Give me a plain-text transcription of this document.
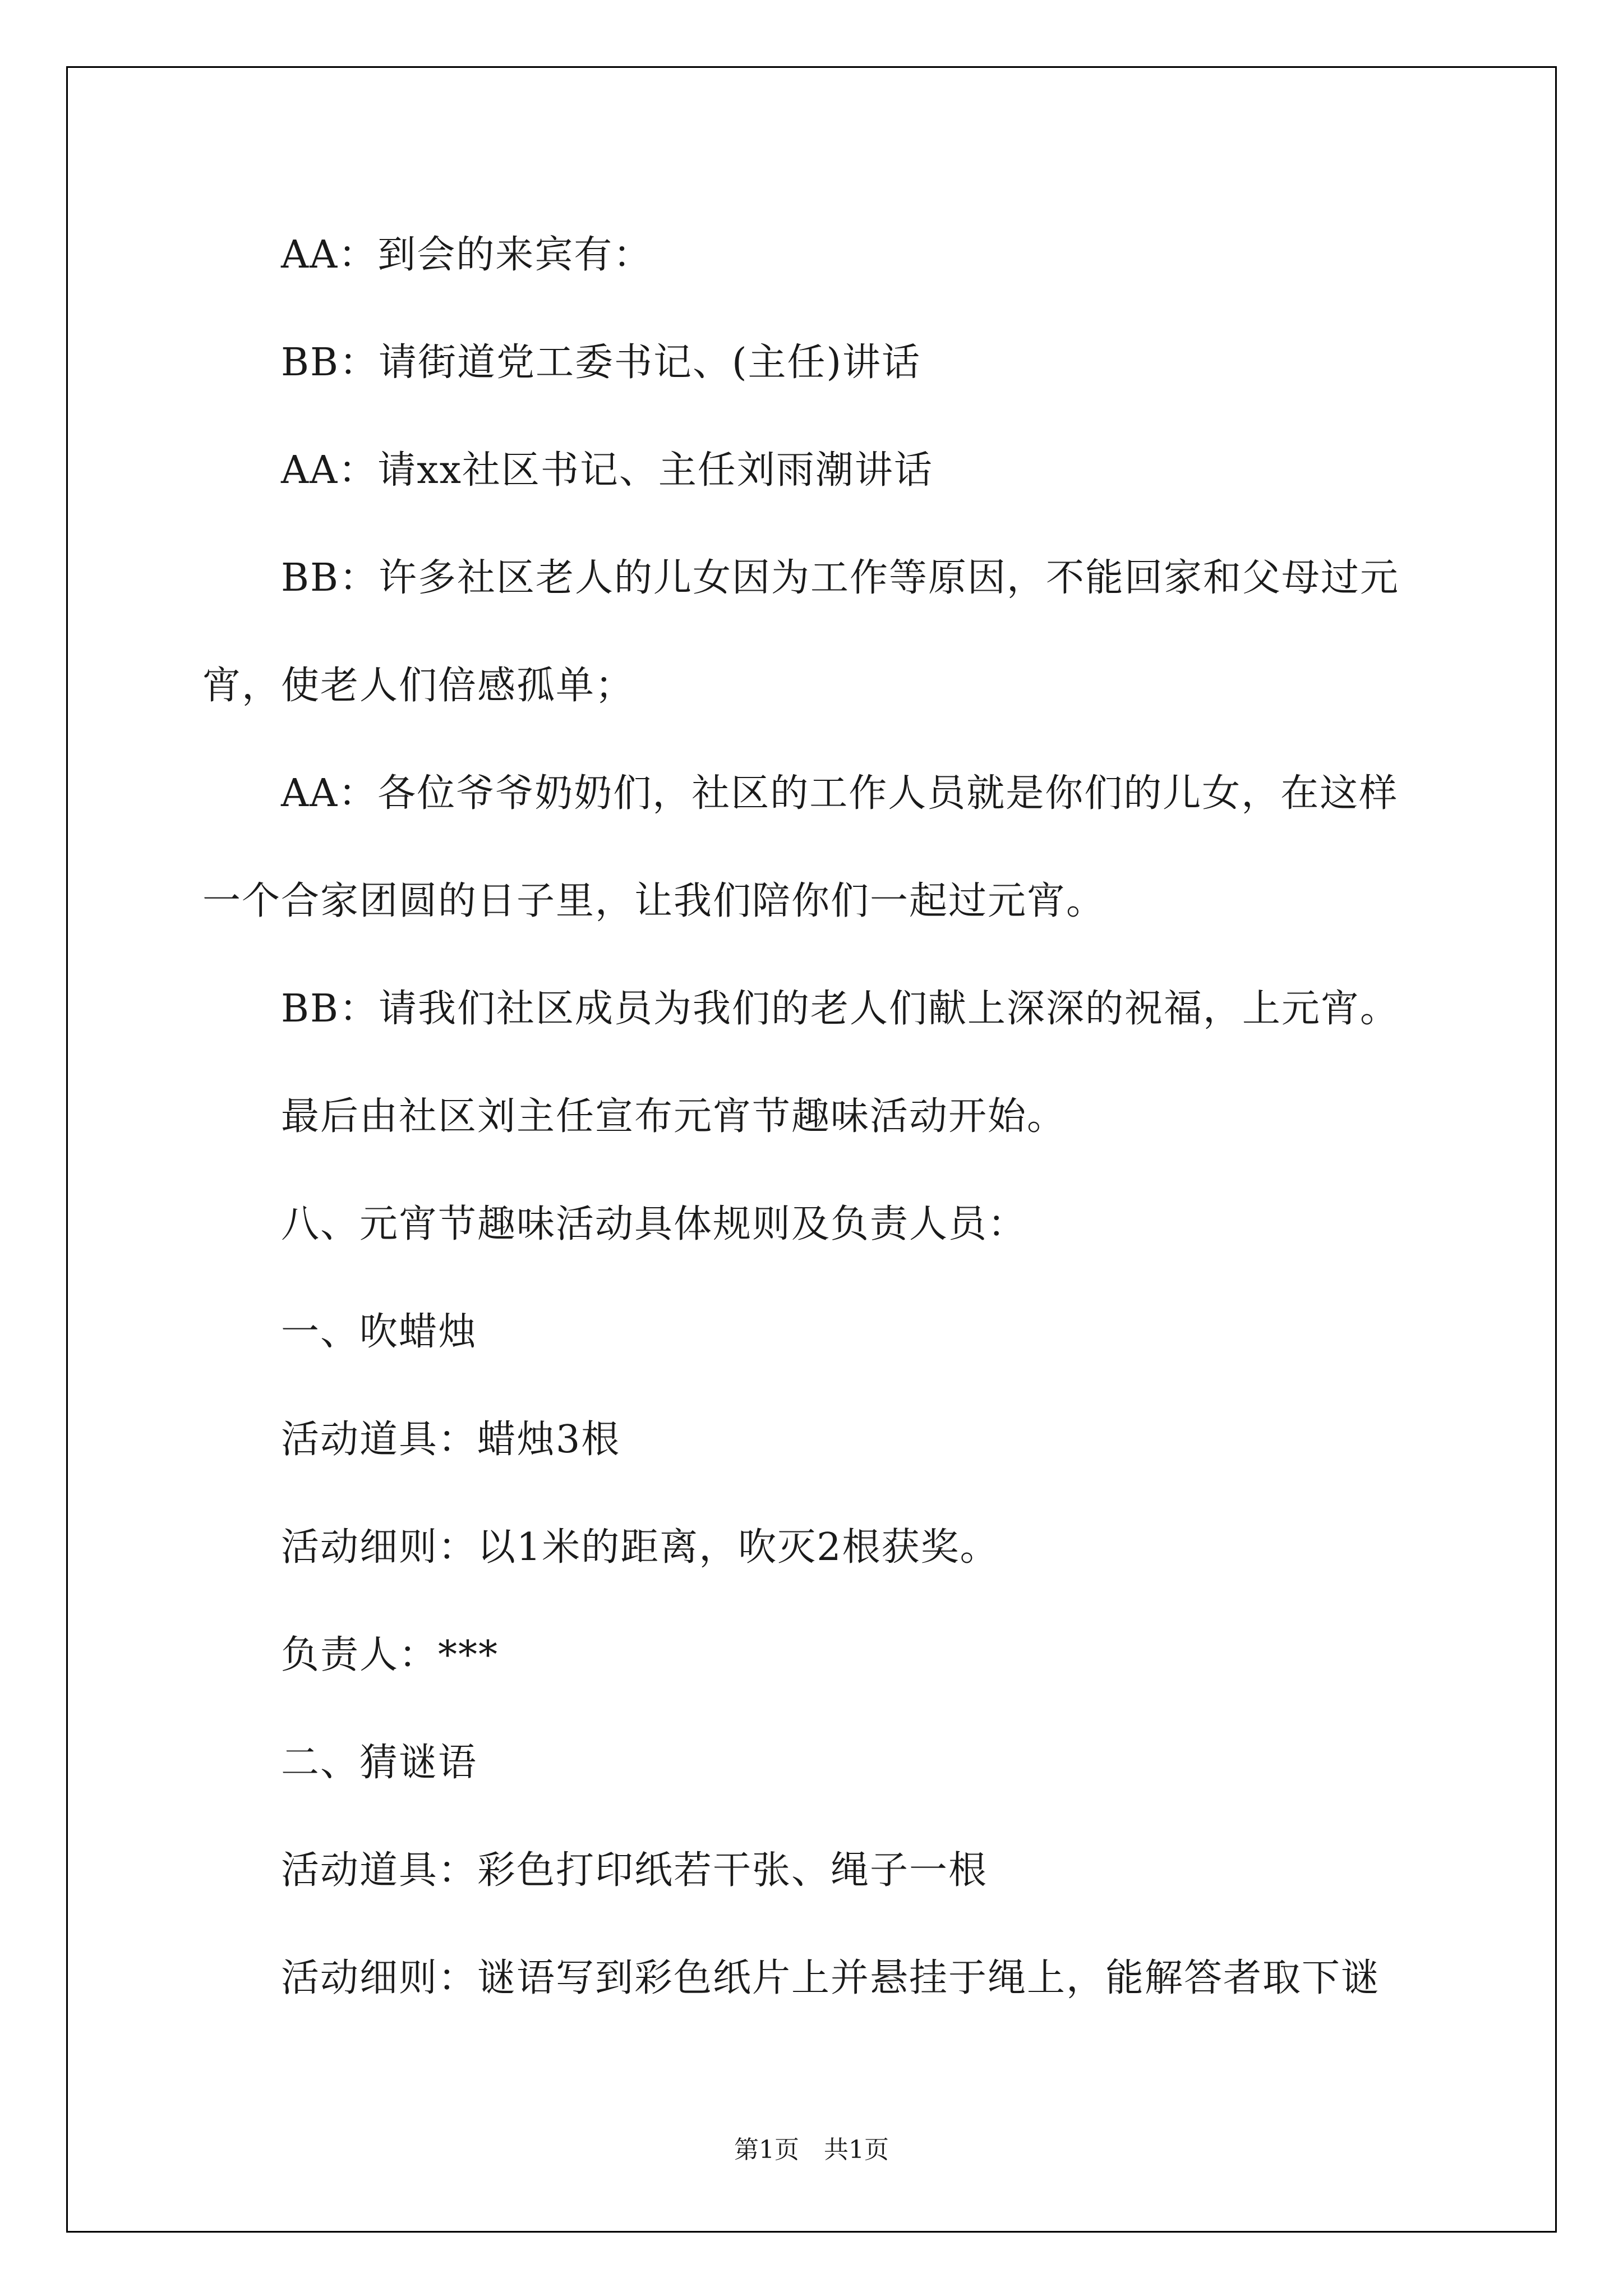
AA：到会的来宾有：

BB：请街道党工委书记、(主任)讲话

AA：请xx社区书记、主任刘雨潮讲话

BB：许多社区老人的儿女因为工作等原因，不能回家和父母过元

宵，使老人们倍感孤单；

AA：各位爷爷奶奶们，社区的工作人员就是你们的儿女，在这样

一个合家团圆的日子里，让我们陪你们一起过元宵。

BB：请我们社区成员为我们的老人们献上深深的祝福，上元宵。

最后由社区刘主任宣布元宵节趣味活动开始。

八、元宵节趣味活动具体规则及负责人员：

一、吹蜡烛

活动道具：蜡烛3根

活动细则：以1米的距离，吹灭2根获奖。

负责人：***

二、猜谜语

活动道具：彩色打印纸若干张、绳子一根

活动细则：谜语写到彩色纸片上并悬挂于绳上，能解答者取下谜

第1页　共1页
